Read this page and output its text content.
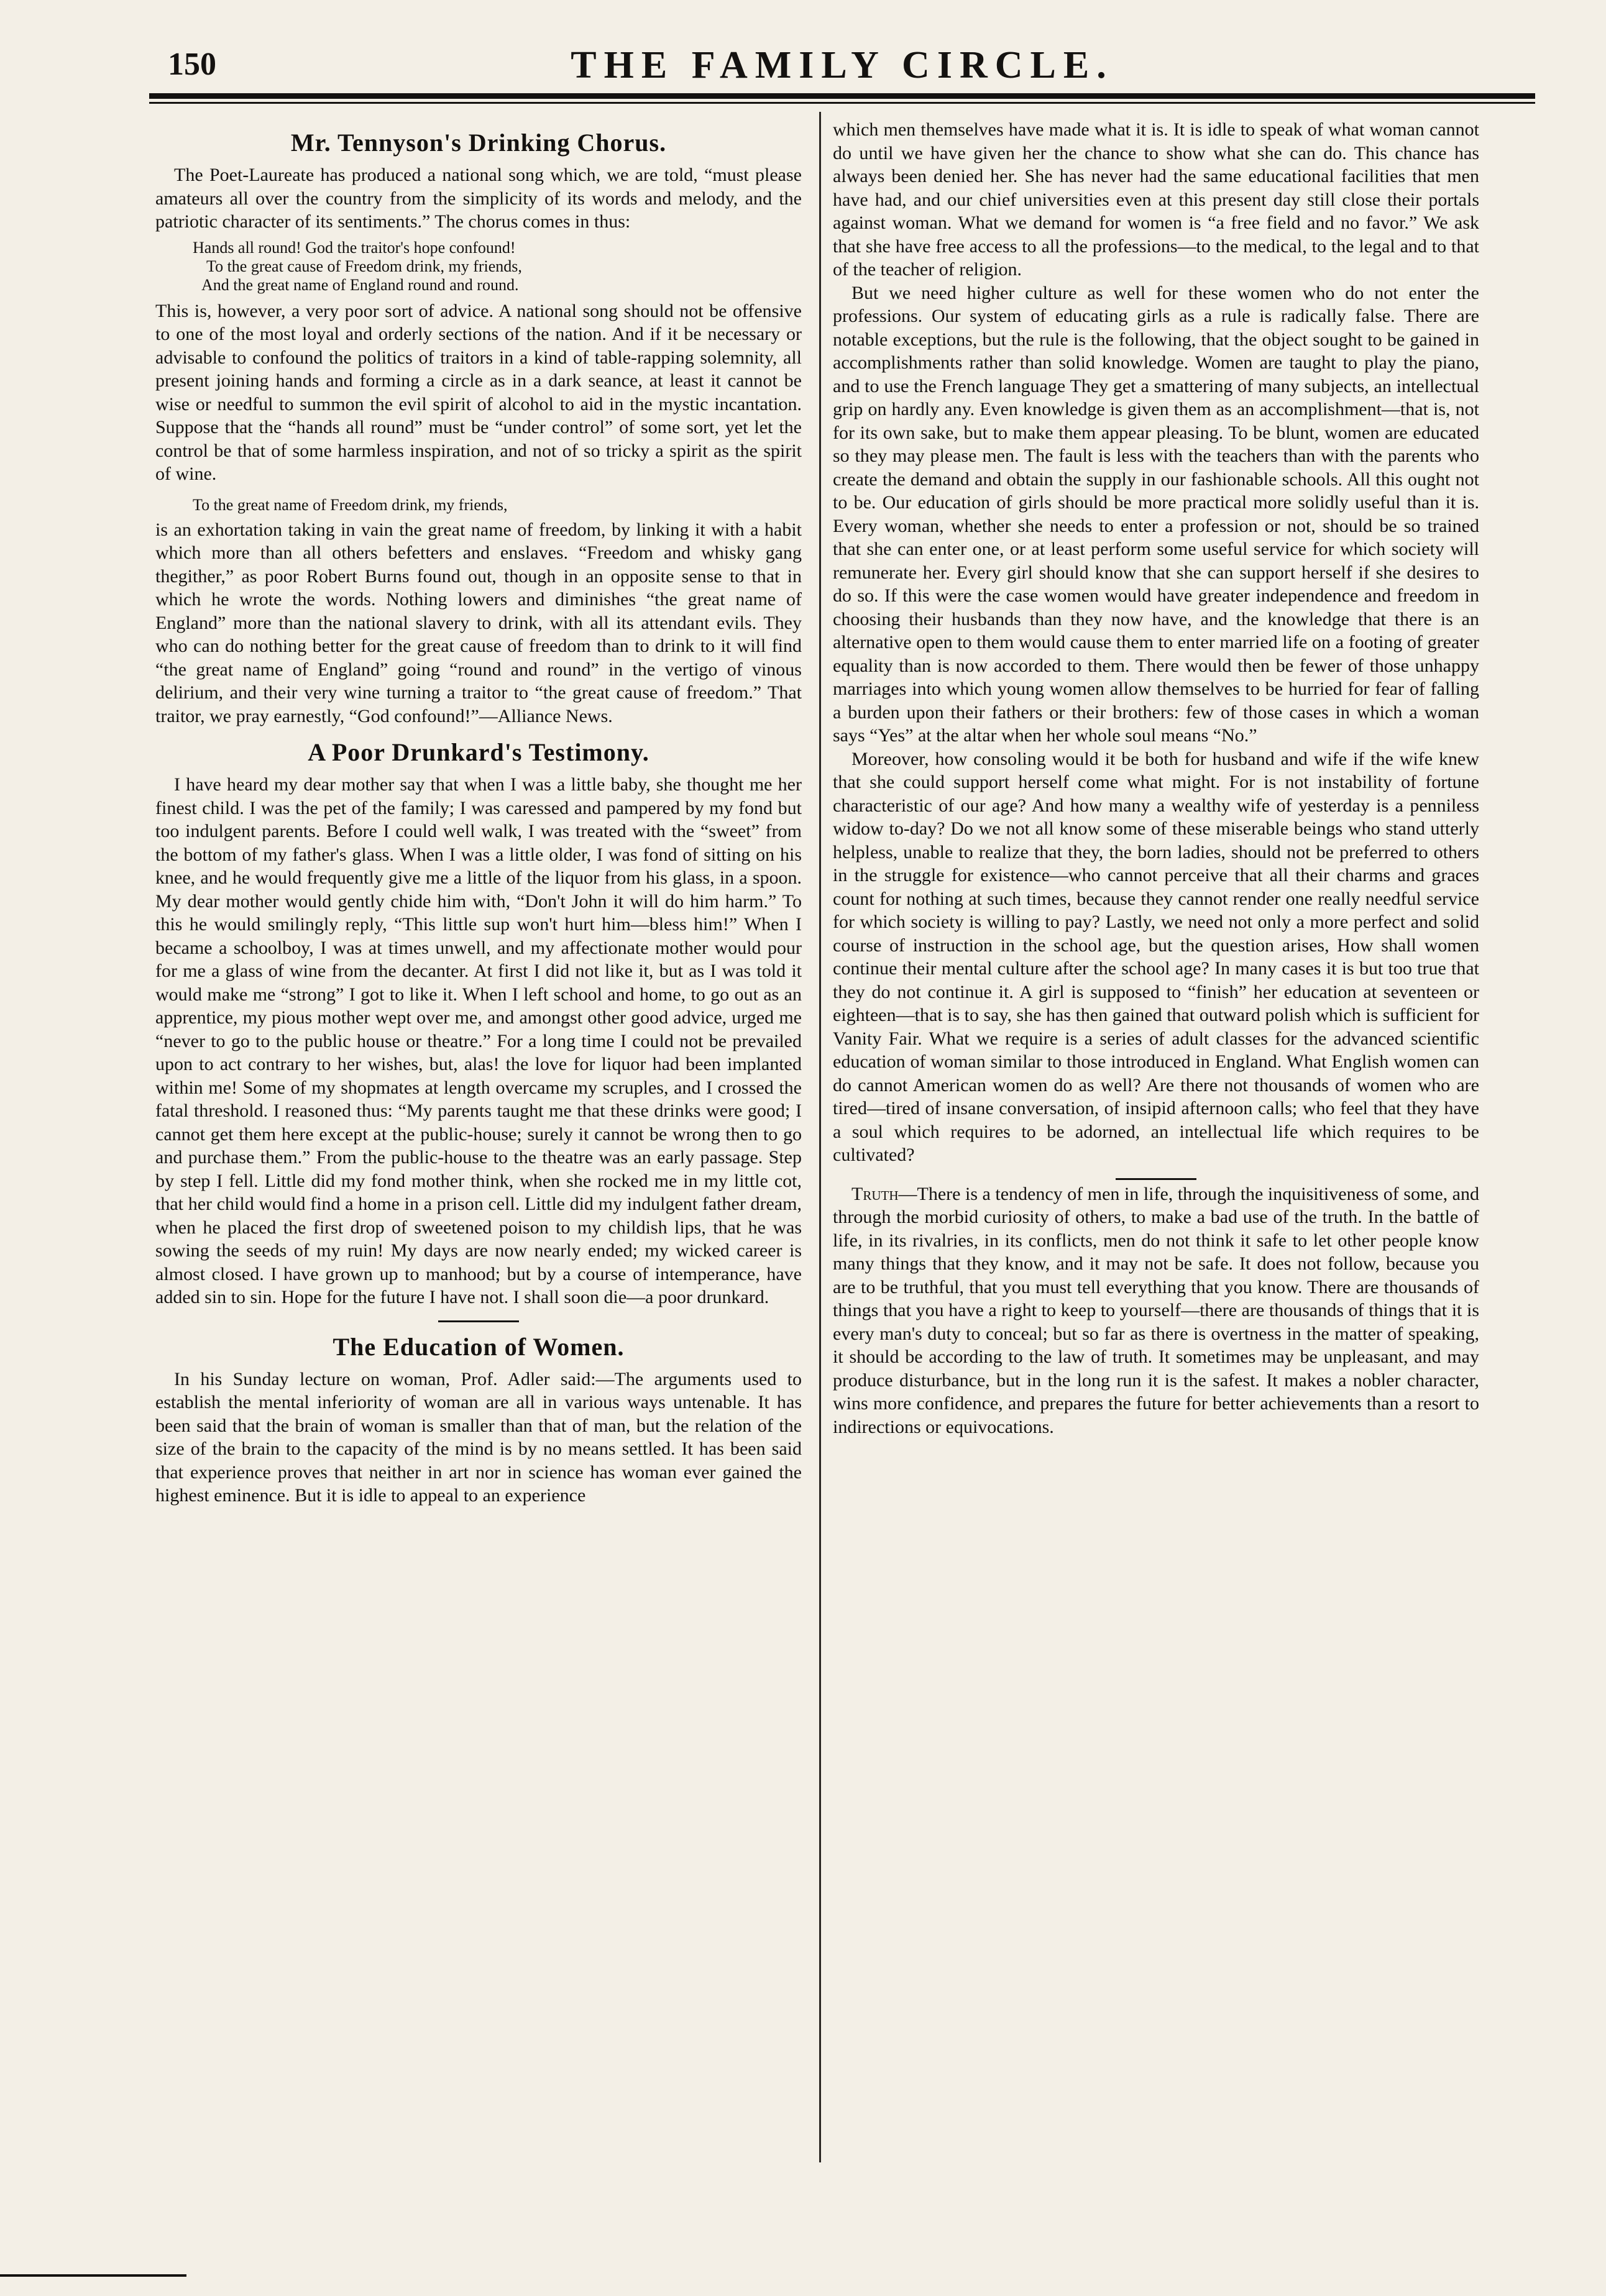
150	THE FAMILY CIRCLE.
Mr. Tennyson's Drinking Chorus.

The Poet-Laureate has produced a national song which, we are told, “must please amateurs all over the country from the simplicity of its words and melody, and the patriotic character of its sentiments.” The chorus comes in thus:

Hands all round! God the traitor's hope confound!
To the great cause of Freedom drink, my friends,
And the great name of England round and round.

This is, however, a very poor sort of advice. A national song should not be offensive to one of the most loyal and orderly sections of the nation. And if it be necessary or advisable to confound the politics of traitors in a kind of table-rapping solemnity, all present joining hands and forming a circle as in a dark seance, at least it cannot be wise or needful to summon the evil spirit of alcohol to aid in the mystic incantation. Suppose that the “hands all round” must be “under control” of some sort, yet let the control be that of some harmless inspiration, and not of so tricky a spirit as the spirit of wine.

To the great name of Freedom drink, my friends,

is an exhortation taking in vain the great name of freedom, by linking it with a habit which more than all others befetters and enslaves. “Freedom and whisky gang thegither,” as poor Robert Burns found out, though in an opposite sense to that in which he wrote the words. Nothing lowers and diminishes “the great name of England” more than the national slavery to drink, with all its attendant evils. They who can do nothing better for the great cause of freedom than to drink to it will find “the great name of England” going “round and round” in the vertigo of vinous delirium, and their very wine turning a traitor to “the great cause of freedom.” That traitor, we pray earnestly, “God confound!”—Alliance News.

A Poor Drunkard's Testimony.

I have heard my dear mother say that when I was a little baby, she thought me her finest child. I was the pet of the family; I was caressed and pampered by my fond but too indulgent parents. Before I could well walk, I was treated with the “sweet” from the bottom of my father's glass. When I was a little older, I was fond of sitting on his knee, and he would frequently give me a little of the liquor from his glass, in a spoon. My dear mother would gently chide him with, “Don't John it will do him harm.” To this he would smilingly reply, “This little sup won't hurt him—bless him!” When I became a schoolboy, I was at times unwell, and my affectionate mother would pour for me a glass of wine from the decanter. At first I did not like it, but as I was told it would make me “strong” I got to like it. When I left school and home, to go out as an apprentice, my pious mother wept over me, and amongst other good advice, urged me “never to go to the public house or theatre.” For a long time I could not be prevailed upon to act contrary to her wishes, but, alas! the love for liquor had been implanted within me! Some of my shopmates at length overcame my scruples, and I crossed the fatal threshold. I reasoned thus: “My parents taught me that these drinks were good; I cannot get them here except at the public-house; surely it cannot be wrong then to go and purchase them.” From the public-house to the theatre was an early passage. Step by step I fell. Little did my fond mother think, when she rocked me in my little cot, that her child would find a home in a prison cell. Little did my indulgent father dream, when he placed the first drop of sweetened poison to my childish lips, that he was sowing the seeds of my ruin! My days are now nearly ended; my wicked career is almost closed. I have grown up to manhood; but by a course of intemperance, have added sin to sin. Hope for the future I have not. I shall soon die—a poor drunkard.

The Education of Women.

In his Sunday lecture on woman, Prof. Adler said:—The arguments used to establish the mental inferiority of woman are all in various ways untenable. It has been said that the brain of woman is smaller than that of man, but the relation of the size of the brain to the capacity of the mind is by no means settled. It has been said that experience proves that neither in art nor in science has woman ever gained the highest eminence. But it is idle to appeal to an experience

which men themselves have made what it is. It is idle to speak of what woman cannot do until we have given her the chance to show what she can do. This chance has always been denied her. She has never had the same educational facilities that men have had, and our chief universities even at this present day still close their portals against woman. What we demand for women is “a free field and no favor.” We ask that she have free access to all the professions—to the medical, to the legal and to that of the teacher of religion.

But we need higher culture as well for these women who do not enter the professions. Our system of educating girls as a rule is radically false. There are notable exceptions, but the rule is the following, that the object sought to be gained in accomplishments rather than solid knowledge. Women are taught to play the piano, and to use the French language They get a smattering of many subjects, an intellectual grip on hardly any. Even knowledge is given them as an accomplishment—that is, not for its own sake, but to make them appear pleasing. To be blunt, women are educated so they may please men. The fault is less with the teachers than with the parents who create the demand and obtain the supply in our fashionable schools. All this ought not to be. Our education of girls should be more practical more solidly useful than it is. Every woman, whether she needs to enter a profession or not, should be so trained that she can enter one, or at least perform some useful service for which society will remunerate her. Every girl should know that she can support herself if she desires to do so. If this were the case women would have greater independence and freedom in choosing their husbands than they now have, and the knowledge that there is an alternative open to them would cause them to enter married life on a footing of greater equality than is now accorded to them. There would then be fewer of those unhappy marriages into which young women allow themselves to be hurried for fear of falling a burden upon their fathers or their brothers: few of those cases in which a woman says “Yes” at the altar when her whole soul means “No.”

Moreover, how consoling would it be both for husband and wife if the wife knew that she could support herself come what might. For is not instability of fortune characteristic of our age? And how many a wealthy wife of yesterday is a penniless widow to-day? Do we not all know some of these miserable beings who stand utterly helpless, unable to realize that they, the born ladies, should not be preferred to others in the struggle for existence—who cannot perceive that all their charms and graces count for nothing at such times, because they cannot render one really needful service for which society is willing to pay? Lastly, we need not only a more perfect and solid course of instruction in the school age, but the question arises, How shall women continue their mental culture after the school age? In many cases it is but too true that they do not continue it. A girl is supposed to “finish” her education at seventeen or eighteen—that is to say, she has then gained that outward polish which is sufficient for Vanity Fair. What we require is a series of adult classes for the advanced scientific education of woman similar to those introduced in England. What English women can do cannot American women do as well? Are there not thousands of women who are tired—tired of insane conversation, of insipid afternoon calls; who feel that they have a soul which requires to be adorned, an intellectual life which requires to be cultivated?

Truth—There is a tendency of men in life, through the inquisitiveness of some, and through the morbid curiosity of others, to make a bad use of the truth. In the battle of life, in its rivalries, in its conflicts, men do not think it safe to let other people know many things that they know, and it may not be safe. It does not follow, because you are to be truthful, that you must tell everything that you know. There are thousands of things that you have a right to keep to yourself—there are thousands of things that it is every man's duty to conceal; but so far as there is overtness in the matter of speaking, it should be according to the law of truth. It sometimes may be unpleasant, and may produce disturbance, but in the long run it is the safest. It makes a nobler character, wins more confidence, and prepares the future for better achievements than a resort to indirections or equivocations.
